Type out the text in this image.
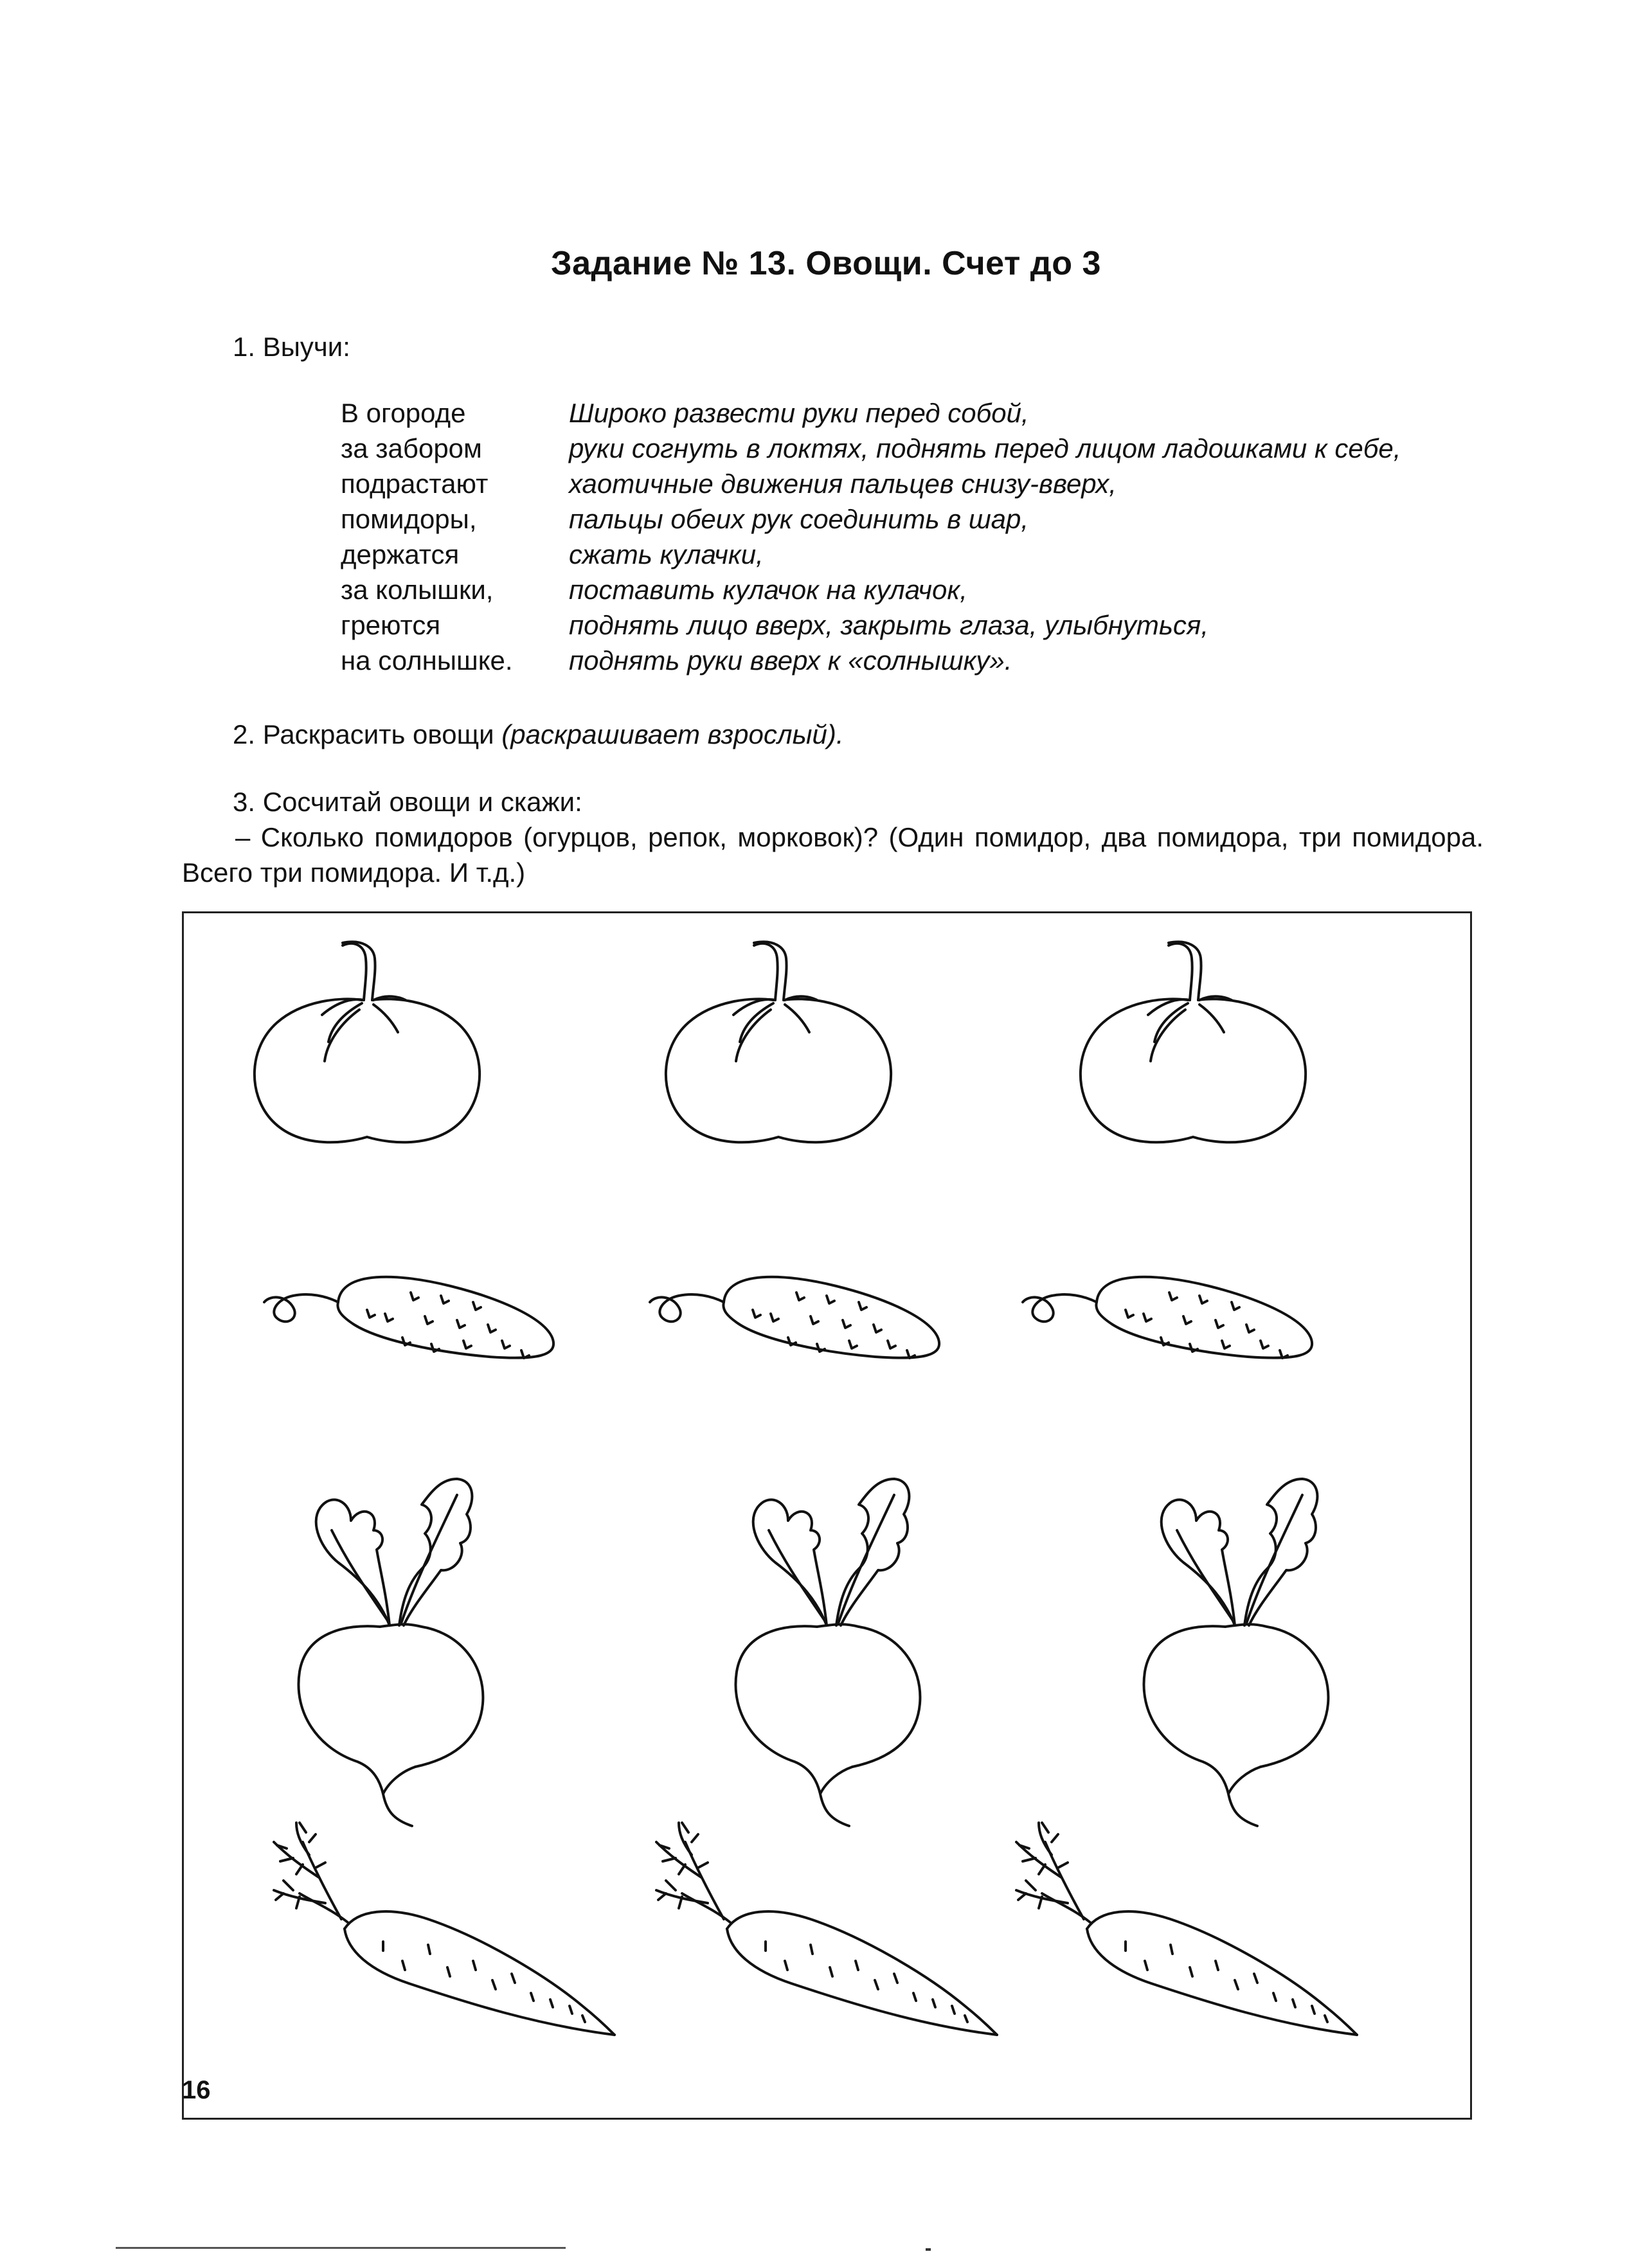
Задание № 13. Овощи. Счет до 3
1. Выучи:
В огороде	Широко развести руки перед собой,
за забором	руки согнуть в локтях, поднять перед лицом ладошками к себе,
подрастают	хаотичные движения пальцев снизу-вверх,
помидоры,	пальцы обеих рук соединить в шар,
держатся	сжать кулачки,
за колышки,	поставить кулачок на кулачок,
греются	поднять лицо вверх, закрыть глаза, улыбнуться,
на солнышке.	поднять руки вверх к «солнышку».
2. Раскрасить овощи (раскрашивает взрослый).
3. Сосчитай овощи и скажи:
– Сколько помидоров (огурцов, репок, морковок)? (Один помидор, два помидора, три помидора. Всего три помидора. И т.д.)
16
